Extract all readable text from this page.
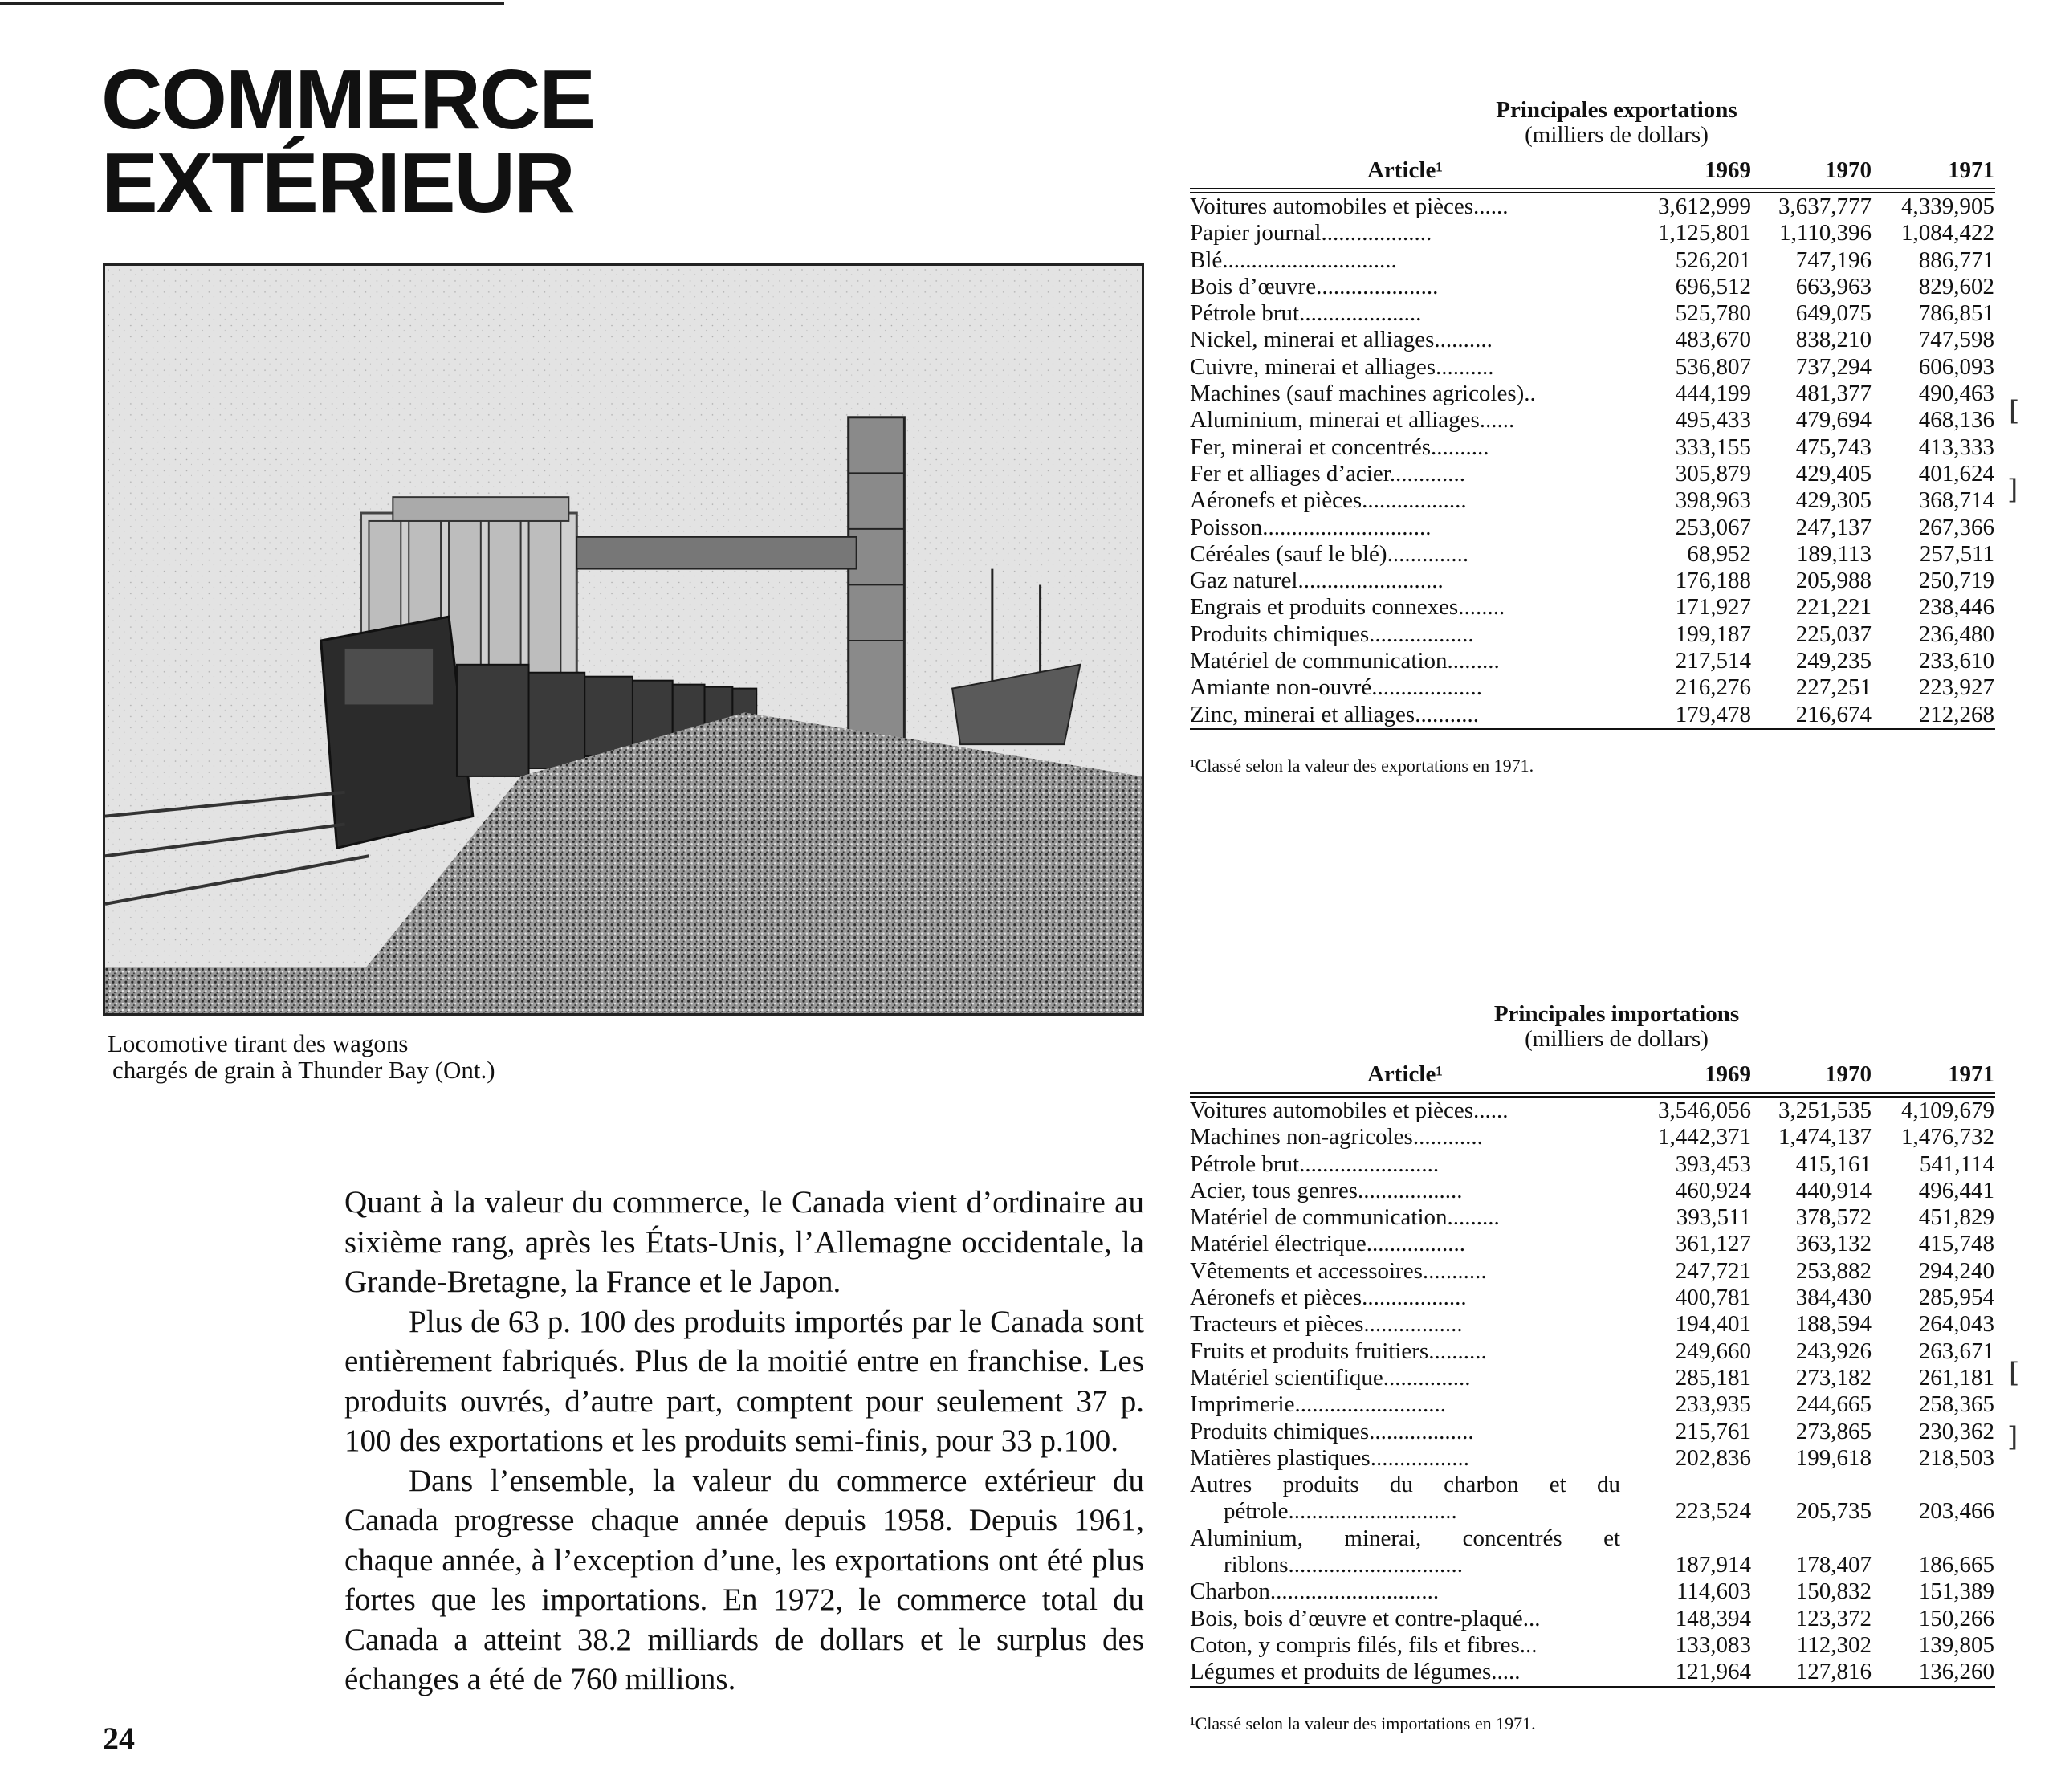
COMMERCE
EXTÉRIEUR
Locomotive tirant des wagons
chargés de grain à Thunder Bay (Ont.)

Quant à la valeur du commerce, le Canada vient d’ordinaire au sixième rang, après les États-Unis, l’Allemagne occidentale, la Grande-Bretagne, la France et le Japon.

Plus de 63 p. 100 des produits importés par le Canada sont entièrement fabriqués. Plus de la moitié entre en franchise. Les produits ouvrés, d’autre part, comptent pour seulement 37 p. 100 des exportations et les produits semi-finis, pour 33 p.100.

Dans l’ensemble, la valeur du commerce extérieur du Canada progresse chaque année depuis 1958. Depuis 1961, chaque année, à l’exception d’une, les exportations ont été plus fortes que les importations. En 1972, le commerce total du Canada a atteint 38.2 milliards de dollars et le surplus des échanges a été de 760 millions.

24
Principales exportations
(milliers de dollars)
Article¹	1969	1970	1971
Voitures automobiles et pièces......	3,612,999	3,637,777	4,339,905
Papier journal...................	1,125,801	1,110,396	1,084,422
Blé..............................	526,201	747,196	886,771
Bois d’œuvre.....................	696,512	663,963	829,602
Pétrole brut.....................	525,780	649,075	786,851
Nickel, minerai et alliages..........	483,670	838,210	747,598
Cuivre, minerai et alliages..........	536,807	737,294	606,093
Machines (sauf machines agricoles)..	444,199	481,377	490,463
Aluminium, minerai et alliages......	495,433	479,694	468,136
Fer, minerai et concentrés..........	333,155	475,743	413,333
Fer et alliages d’acier.............	305,879	429,405	401,624
Aéronefs et pièces..................	398,963	429,305	368,714
Poisson.............................	253,067	247,137	267,366
Céréales (sauf le blé)..............	68,952	189,113	257,511
Gaz naturel.........................	176,188	205,988	250,719
Engrais et produits connexes........	171,927	221,221	238,446
Produits chimiques..................	199,187	225,037	236,480
Matériel de communication.........	217,514	249,235	233,610
Amiante non-ouvré...................	216,276	227,251	223,927
Zinc, minerai et alliages...........	179,478	216,674	212,268
¹Classé selon la valeur des exportations en 1971.
Principales importations
(milliers de dollars)
Article¹	1969	1970	1971
Voitures automobiles et pièces......	3,546,056	3,251,535	4,109,679
Machines non-agricoles............	1,442,371	1,474,137	1,476,732
Pétrole brut........................	393,453	415,161	541,114
Acier, tous genres..................	460,924	440,914	496,441
Matériel de communication.........	393,511	378,572	451,829
Matériel électrique.................	361,127	363,132	415,748
Vêtements et accessoires...........	247,721	253,882	294,240
Aéronefs et pièces..................	400,781	384,430	285,954
Tracteurs et pièces.................	194,401	188,594	264,043
Fruits et produits fruitiers..........	249,660	243,926	263,671
Matériel scientifique...............	285,181	273,182	261,181
Imprimerie..........................	233,935	244,665	258,365
Produits chimiques..................	215,761	273,865	230,362
Matières plastiques.................	202,836	199,618	218,503
Autres produits du charbon et du
pétrole.............................	223,524	205,735	203,466
Aluminium, minerai, concentrés et
riblons..............................	187,914	178,407	186,665
Charbon.............................	114,603	150,832	151,389
Bois, bois d’œuvre et contre-plaqué...	148,394	123,372	150,266
Coton, y compris filés, fils et fibres...	133,083	112,302	139,805
Légumes et produits de légumes.....	121,964	127,816	136,260
¹Classé selon la valeur des importations en 1971.
[
]
[
]
